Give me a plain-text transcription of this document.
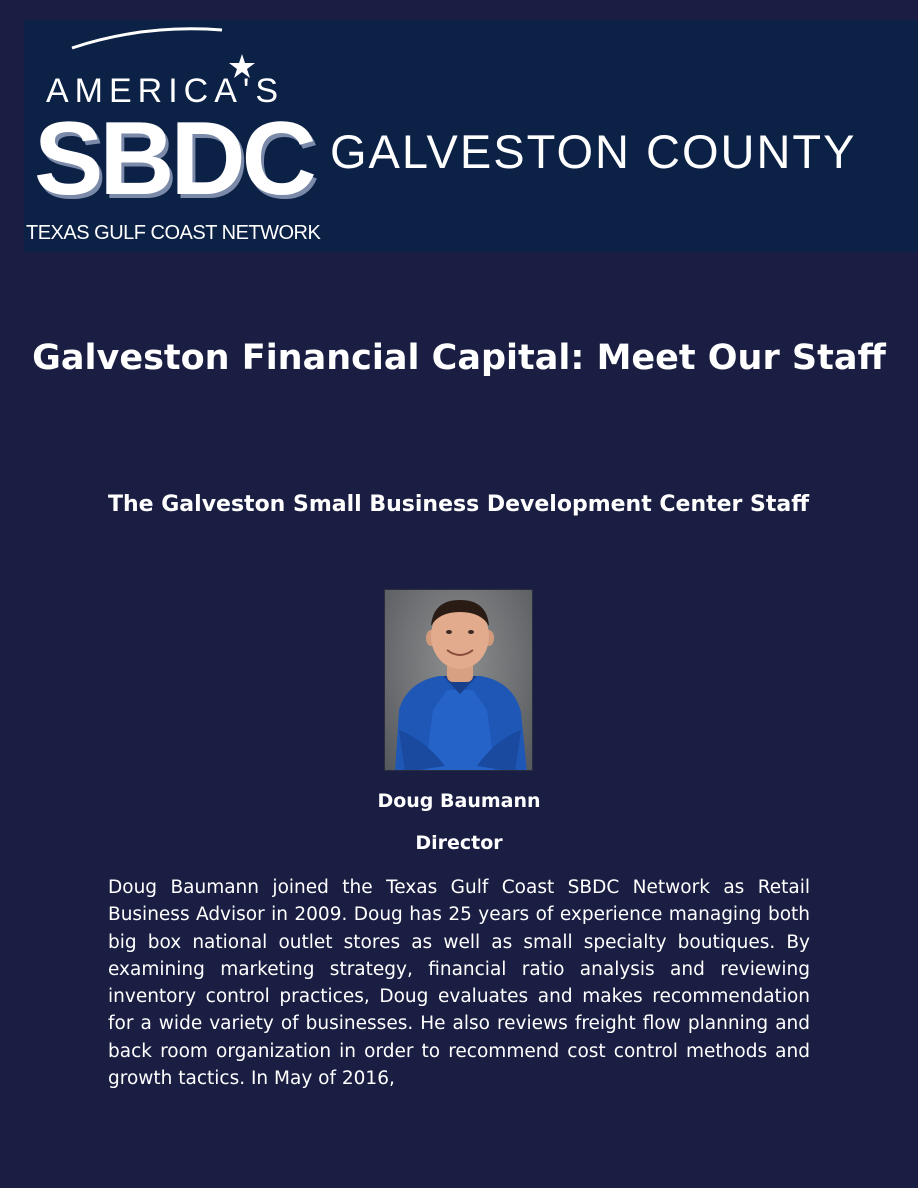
AMERICA'S
SBDC
TEXAS GULF COAST NETWORK
GALVESTON COUNTY
Galveston Financial Capital: Meet Our Staff
The Galveston Small Business Development Center Staff
Doug Baumann
Director

Doug Baumann joined the Texas Gulf Coast SBDC Network as Retail Business Advisor in 2009. Doug has 25 years of experience managing both big box national outlet stores as well as small specialty boutiques. By examining marketing strategy, financial ratio analysis and reviewing inventory control practices, Doug evaluates and makes recommendation for a wide variety of businesses. He also reviews freight flow planning and back room organization in order to recommend cost control methods and growth tactics. In May of 2016,
